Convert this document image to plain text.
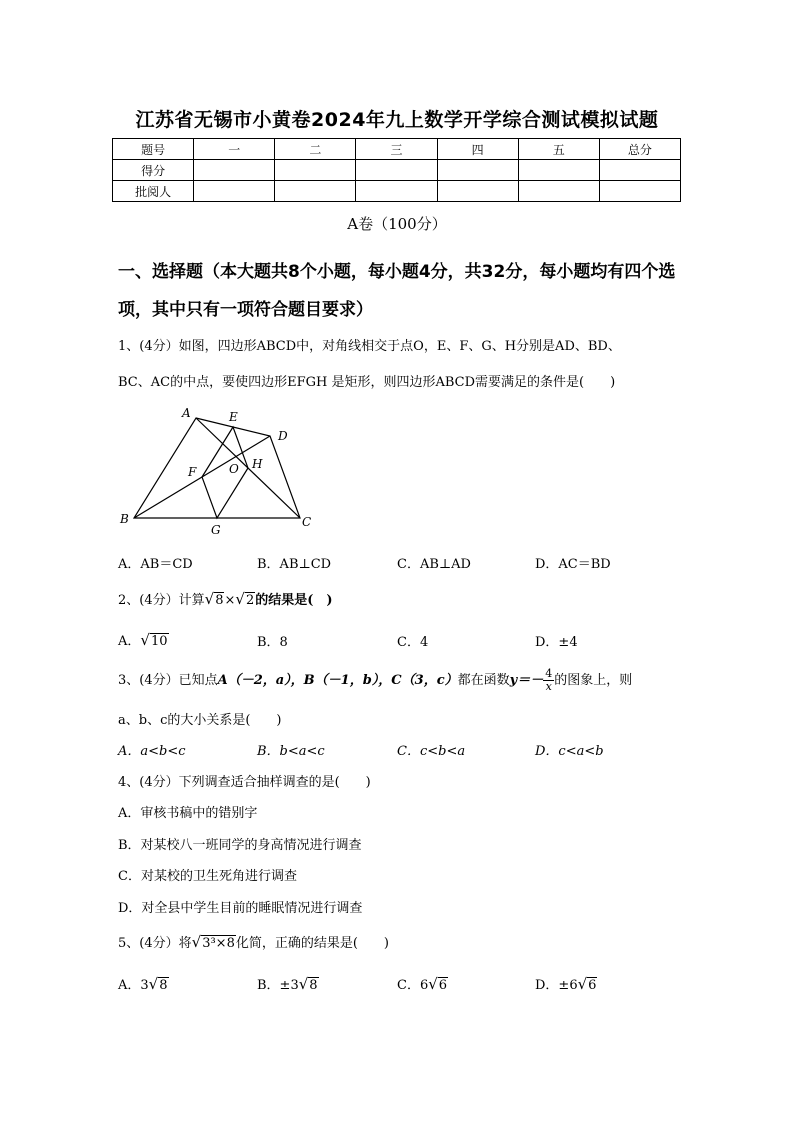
江苏省无锡市小黄卷2024年九上数学开学综合测试模拟试题
题号	一	二	三	四	五	总分
得分						
批阅人						
A卷（100分）
一、选择题（本大题共8个小题，每小题4分，共32分，每小题均有四个选项，其中只有一项符合题目要求）
1、(4分）如图，四边形ABCD中，对角线相交于点O，E、F、G、H分别是AD、BD、
BC、AC的中点，要使四边形EFGH 是矩形，则四边形ABCD需要满足的条件是(　　)
A	E
D
F	O H
B
G
C
A．AB＝CD	B．AB⊥CD	C．AB⊥AD	D．AC＝BD
2、(4分）计算√8×√2的结果是(　)
A．√10	B．8	C．4	D．±4
3、(4分）已知点A（－2，a），B（－1，b），C（3，c）都在函数$y=- \frac{4}{x}$ 的图象上，则
a、b、c的大小关系是(　　)
A．a<b<c	B．b<a<c	C．c<b<a	D．c<a<b
4、(4分）下列调查适合抽样调查的是(　　)
A．审核书稿中的错别字
B．对某校八一班同学的身高情况进行调查
C．对某校的卫生死角进行调查
D．对全县中学生目前的睡眠情况进行调查
5、(4分）将√3³×8化简，正确的结果是(　　)
A．3√8	B．±3√8	C．6√6	D．±6√6
